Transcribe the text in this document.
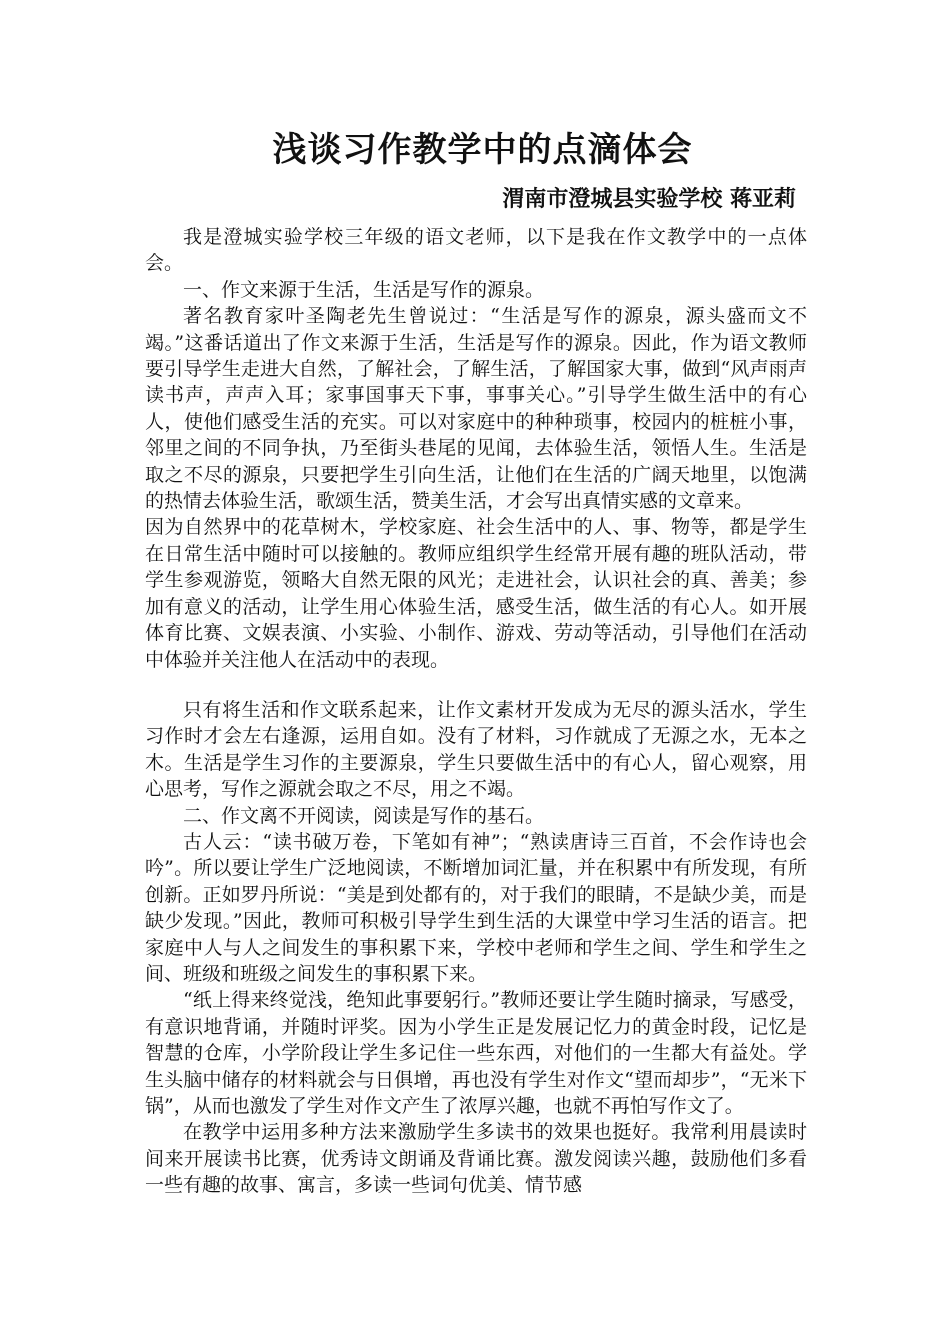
浅谈习作教学中的点滴体会
渭南市澄城县实验学校 蒋亚莉

我是澄城实验学校三年级的语文老师，以下是我在作文教学中的一点体会。

一、作文来源于生活，生活是写作的源泉。

著名教育家叶圣陶老先生曾说过：“生活是写作的源泉，源头盛而文不竭。”这番话道出了作文来源于生活，生活是写作的源泉。因此，作为语文教师要引导学生走进大自然，了解社会，了解生活，了解国家大事，做到“风声雨声读书声，声声入耳；家事国事天下事，事事关心。”引导学生做生活中的有心人，使他们感受生活的充实。可以对家庭中的种种琐事，校园内的桩桩小事，邻里之间的不同争执，乃至街头巷尾的见闻，去体验生活，领悟人生。生活是取之不尽的源泉，只要把学生引向生活，让他们在生活的广阔天地里，以饱满的热情去体验生活，歌颂生活，赞美生活，才会写出真情实感的文章来。

因为自然界中的花草树木，学校家庭、社会生活中的人、事、物等，都是学生在日常生活中随时可以接触的。教师应组织学生经常开展有趣的班队活动，带学生参观游览，领略大自然无限的风光；走进社会，认识社会的真、善美；参加有意义的活动，让学生用心体验生活，感受生活，做生活的有心人。如开展体育比赛、文娱表演、小实验、小制作、游戏、劳动等活动，引导他们在活动中体验并关注他人在活动中的表现。

只有将生活和作文联系起来，让作文素材开发成为无尽的源头活水，学生习作时才会左右逢源，运用自如。没有了材料，习作就成了无源之水，无本之木。生活是学生习作的主要源泉，学生只要做生活中的有心人，留心观察，用心思考，写作之源就会取之不尽，用之不竭。

二、作文离不开阅读，阅读是写作的基石。

古人云：“读书破万卷，下笔如有神”；“熟读唐诗三百首，不会作诗也会吟”。所以要让学生广泛地阅读，不断增加词汇量，并在积累中有所发现，有所创新。正如罗丹所说：“美是到处都有的，对于我们的眼睛，不是缺少美，而是缺少发现。”因此，教师可积极引导学生到生活的大课堂中学习生活的语言。把家庭中人与人之间发生的事积累下来，学校中老师和学生之间、学生和学生之间、班级和班级之间发生的事积累下来。

“纸上得来终觉浅，绝知此事要躬行。”教师还要让学生随时摘录，写感受，有意识地背诵，并随时评奖。因为小学生正是发展记忆力的黄金时段，记忆是智慧的仓库，小学阶段让学生多记住一些东西，对他们的一生都大有益处。学生头脑中储存的材料就会与日俱增，再也没有学生对作文“望而却步”，“无米下锅”，从而也激发了学生对作文产生了浓厚兴趣，也就不再怕写作文了。

在教学中运用多种方法来激励学生多读书的效果也挺好。我常利用晨读时间来开展读书比赛，优秀诗文朗诵及背诵比赛。激发阅读兴趣，鼓励他们多看一些有趣的故事、寓言，多读一些词句优美、情节感
